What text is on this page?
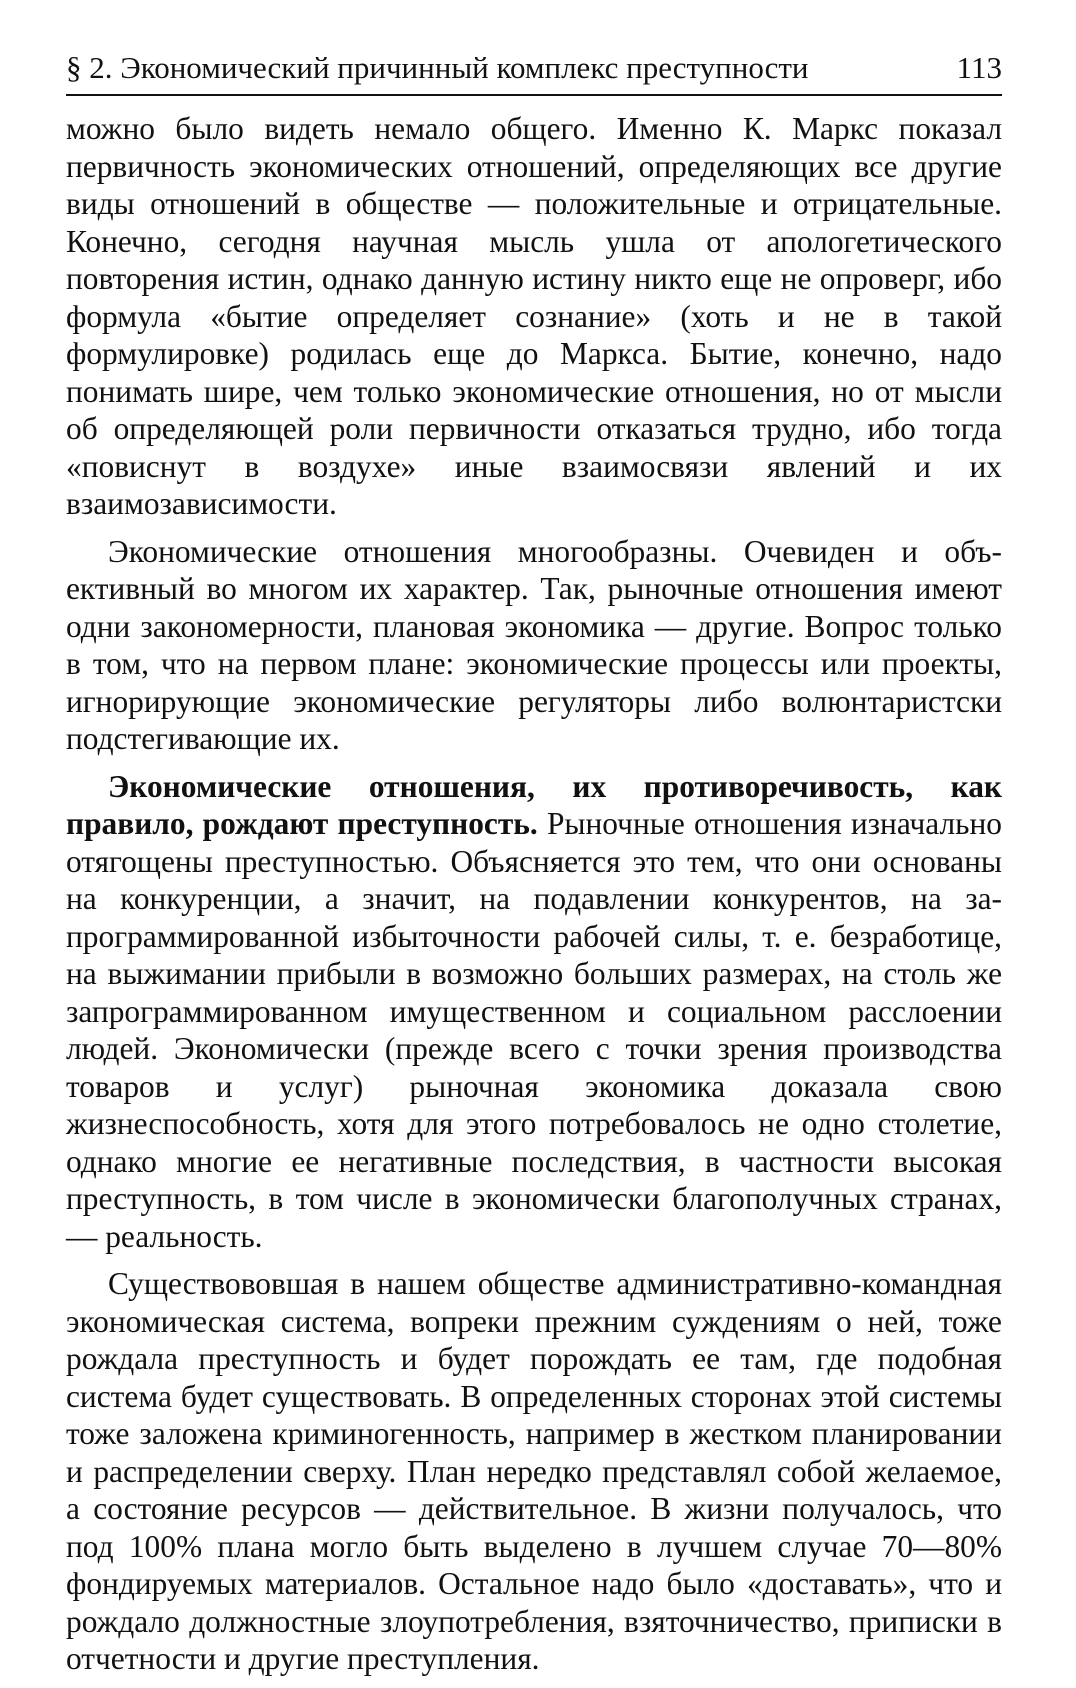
§ 2. Экономический причинный комплекс преступности	113

можно было видеть немало общего. Именно К. Маркс показал первичность экономических отношений, определяющих все другие виды отношений в обществе — положительные и отрицательные. Конечно, сегодня научная мысль ушла от апологетического повторения истин, однако данную истину никто еще не опроверг, ибо формула «бытие определяет сознание» (хоть и не в такой формулировке) родилась еще до Маркса. Бытие, конечно, надо понимать шире, чем только экономические отношения, но от мысли об определяющей роли первичности отказаться трудно, ибо тогда «повиснут в воздухе» иные взаимосвязи явлений и их взаимозависимости.

Экономические отношения многообразны. Очевиден и объективный во многом их характер. Так, рыночные отношения имеют одни закономерности, плановая экономика — другие. Вопрос только в том, что на первом плане: экономические процессы или проекты, игнорирующие экономические регуляторы либо волюнтаристски подстегивающие их.

Экономические отношения, их противоречивость, как правило, рождают преступность. Рыночные отношения изначально отягощены преступностью. Объясняется это тем, что они основаны на конкуренции, а значит, на подавлении конкурентов, на запрограммированной избыточности рабочей силы, т. е. безработице, на выжимании прибыли в возможно больших размерах, на столь же запрограммированном имущественном и социальном расслоении людей. Экономически (прежде всего с точки зрения производства товаров и услуг) рыночная экономика доказала свою жизнеспособность, хотя для этого потребовалось не одно столетие, однако многие ее негативные последствия, в частности высокая преступность, в том числе в экономически благополучных странах, — реальность.

Существововшая в нашем обществе административно-командная экономическая система, вопреки прежним суждениям о ней, тоже рождала преступность и будет порождать ее там, где подобная система будет существовать. В определенных сторонах этой системы тоже заложена криминогенность, например в жестком планировании и распределении сверху. План нередко представлял собой желаемое, а состояние ресурсов — действительное. В жизни получалось, что под 100% плана могло быть выделено в лучшем случае 70—80% фондируемых материалов. Остальное надо было «доставать», что и рождало должностные злоупотребления, взяточничество, приписки в отчетности и другие преступления.
